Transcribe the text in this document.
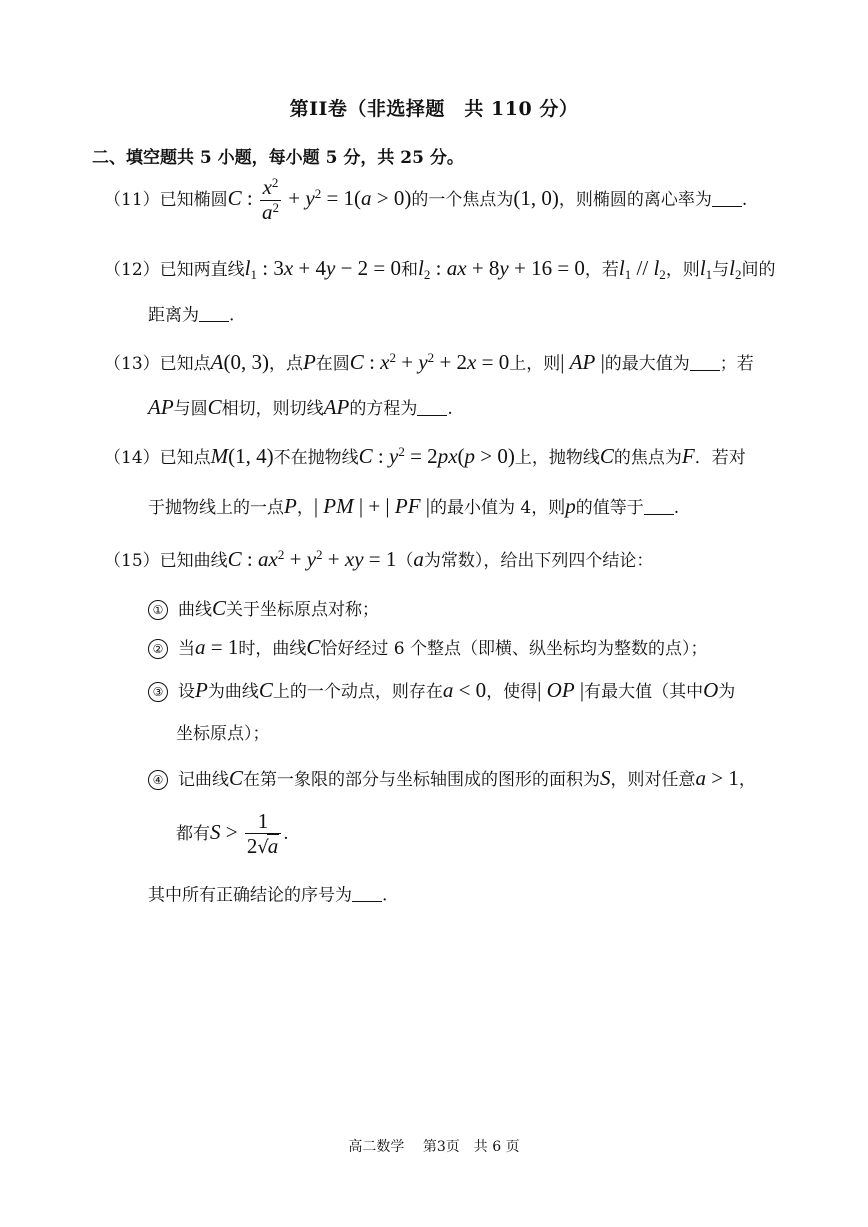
第II卷（非选择题　共 110 分）
二、填空题共 5 小题，每小题 5 分，共 25 分。
（11）已知椭圆C : $\frac{x^2}{a^2} + y^2 = 1(a > 0)$的一个焦点为(1, 0)，则椭圆的离心率为 .
（12）已知两直线$l_1$ : 3x + 4y − 2 = 0和$l_2$ : ax + 8y + 16 = 0，若$l_1 // l_2$，则$l_1$与$l_2$间的
距离为 .
（13）已知点A(0, 3)，点P在圆C : $x^2 + y^2 + 2x = 0$上，则| AP |的最大值为 ；若
AP与圆C相切，则切线AP的方程为 .
（14）已知点M(1, 4)不在抛物线C : $y^2 = 2px(p > 0)$上，抛物线C的焦点为F．若对
于抛物线上的一点P，| PM | + | PF |的最小值为 4，则p的值等于 .
（15）已知曲线C : $ax^2 + y^2$ + xy = 1（a为常数），给出下列四个结论：
① 曲线C关于坐标原点对称；
② 当a = 1时，曲线C恰好经过 6 个整点（即横、纵坐标均为整数的点）；
③ 设P为曲线C上的一个动点，则存在a < 0，使得| OP |有最大值（其中O为
坐标原点）；
④ 记曲线C在第一象限的部分与坐标轴围成的图形的面积为S，则对任意a > 1，
都有$S > \frac{1}{2√a}$ .
其中所有正确结论的序号为 .
高二数学　 第3页　共 6 页
